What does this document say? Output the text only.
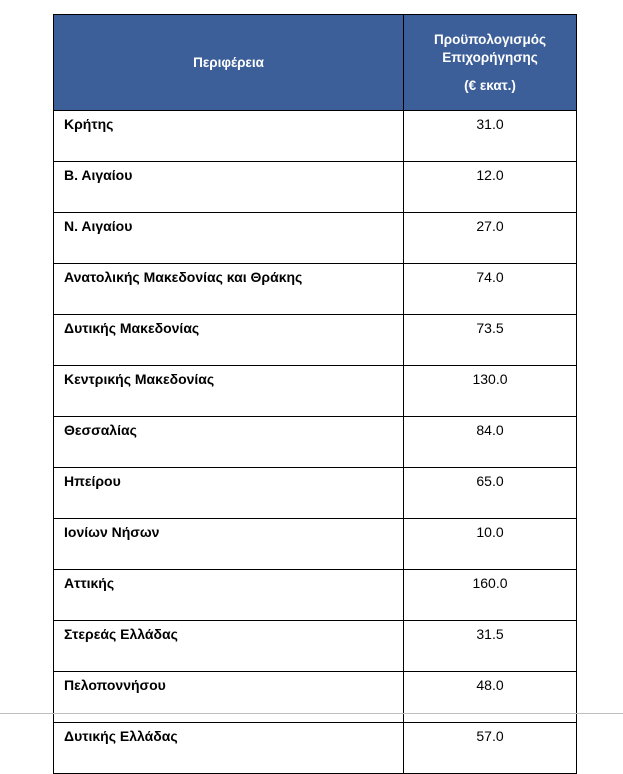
Περιφέρεια	Προϋπολογισμός
Επιχορήγησης
(€ εκατ.)

Κρήτης	31.0
Β. Αιγαίου	12.0
Ν. Αιγαίου	27.0
Ανατολικής Μακεδονίας και Θράκης	74.0
Δυτικής Μακεδονίας	73.5
Κεντρικής Μακεδονίας	130.0
Θεσσαλίας	84.0
Ηπείρου	65.0
Ιονίων Νήσων	10.0
Αττικής	160.0
Στερεάς Ελλάδας	31.5
Πελοποννήσου	48.0
Δυτικής Ελλάδας	57.0
